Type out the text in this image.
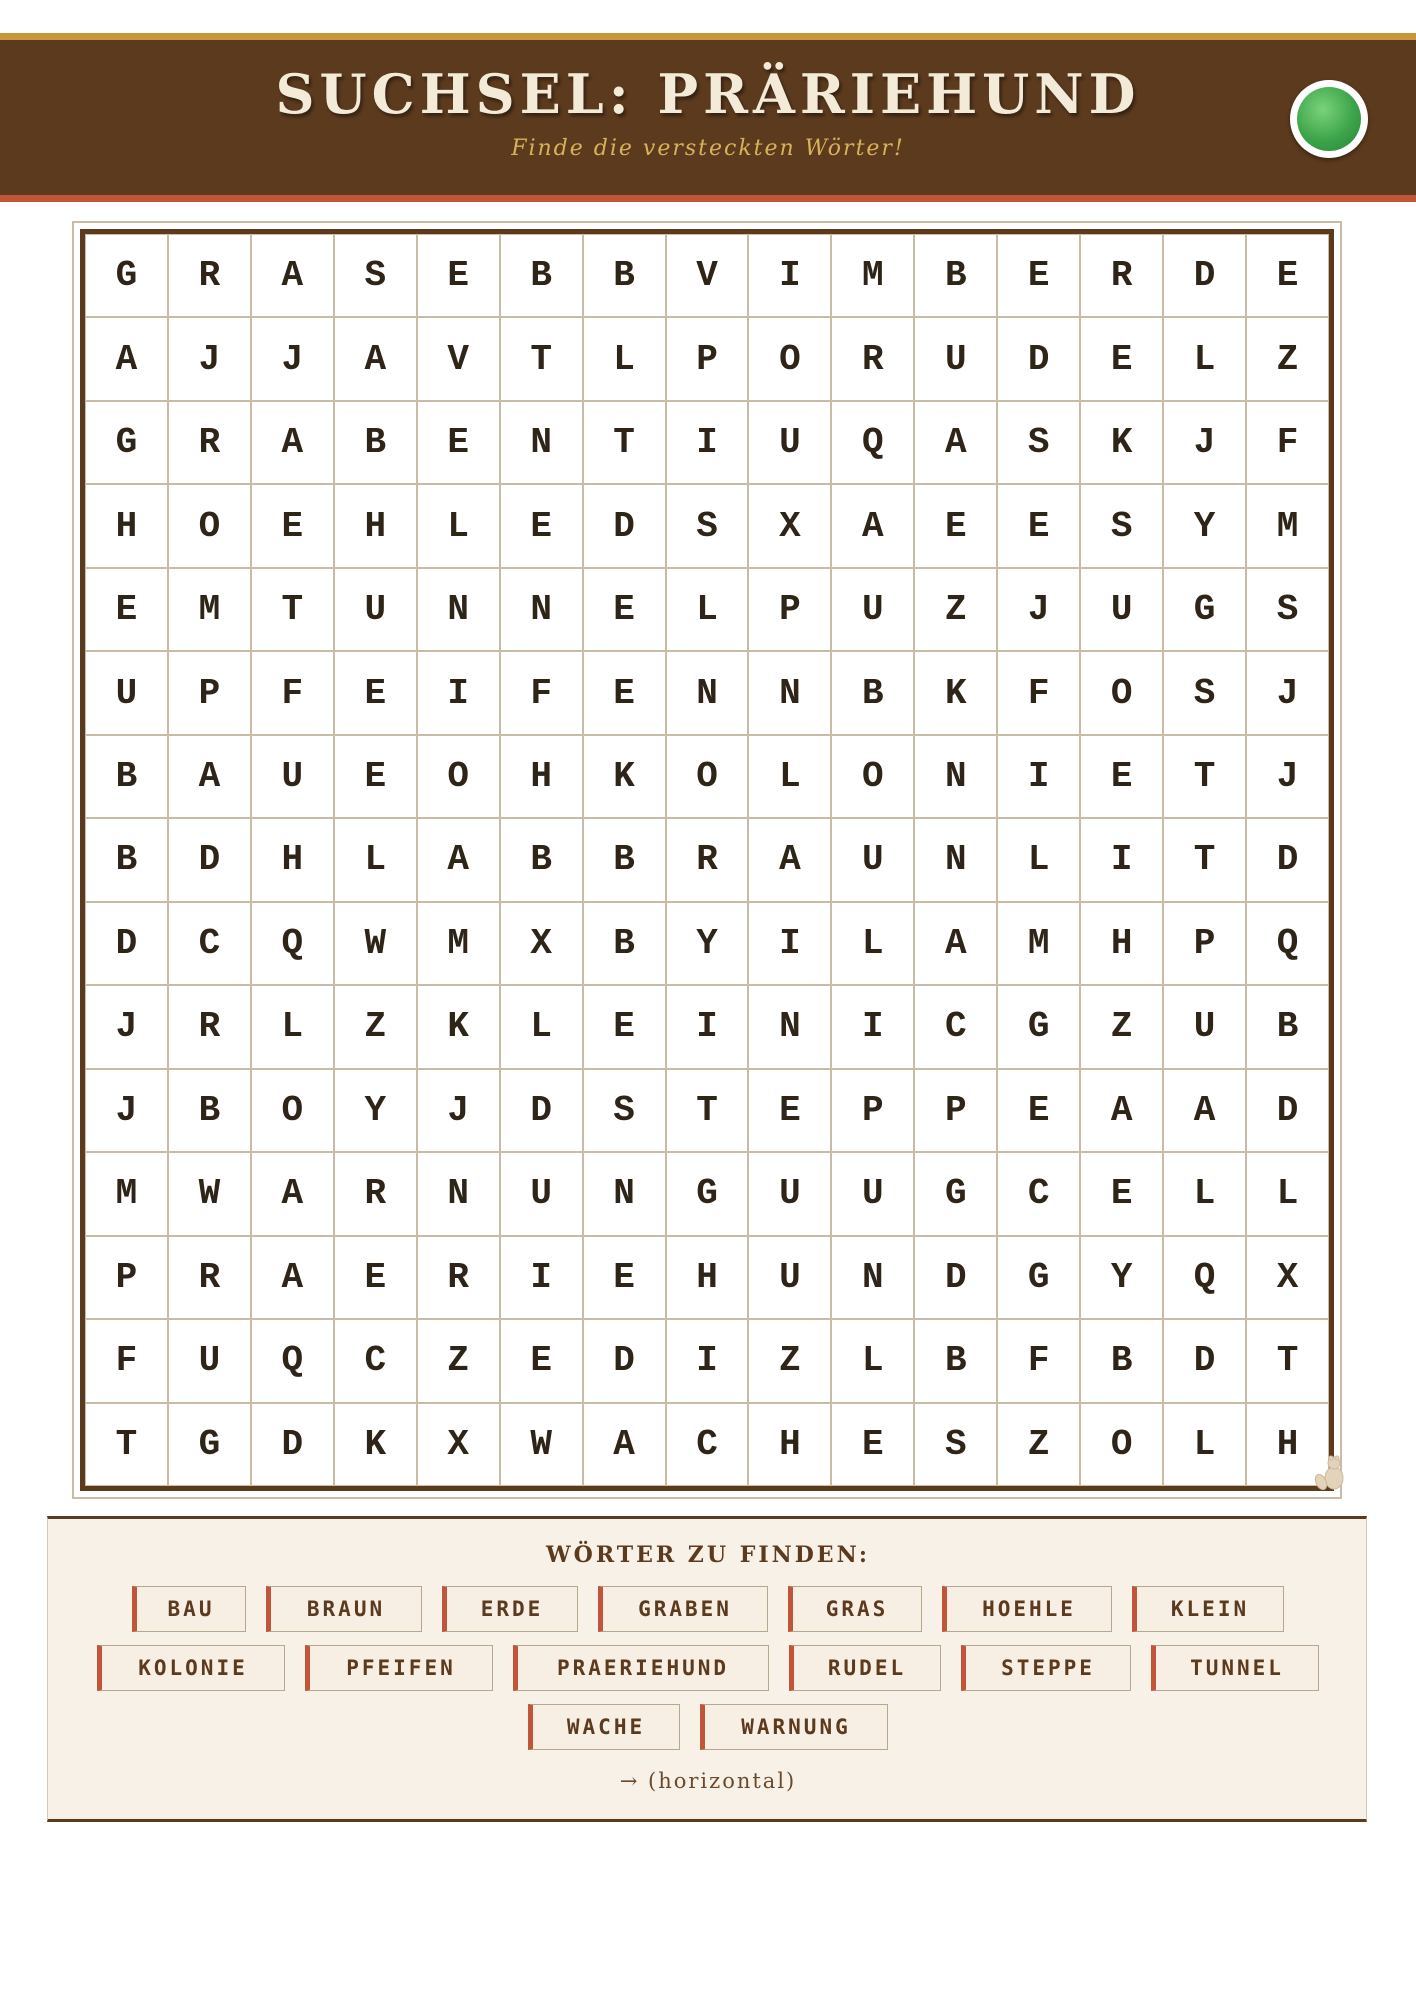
SUCHSEL: PRÄRIEHUND
Finde die versteckten Wörter!
G	R	A	S	E	B	B	V	I	M	B	E	R	D	E
A	J	J	A	V	T	L	P	O	R	U	D	E	L	Z
G	R	A	B	E	N	T	I	U	Q	A	S	K	J	F
H	O	E	H	L	E	D	S	X	A	E	E	S	Y	M
E	M	T	U	N	N	E	L	P	U	Z	J	U	G	S
U	P	F	E	I	F	E	N	N	B	K	F	O	S	J
B	A	U	E	O	H	K	O	L	O	N	I	E	T	J
B	D	H	L	A	B	B	R	A	U	N	L	I	T	D
D	C	Q	W	M	X	B	Y	I	L	A	M	H	P	Q
J	R	L	Z	K	L	E	I	N	I	C	G	Z	U	B
J	B	O	Y	J	D	S	T	E	P	P	E	A	A	D
M	W	A	R	N	U	N	G	U	U	G	C	E	L	L
P	R	A	E	R	I	E	H	U	N	D	G	Y	Q	X
F	U	Q	C	Z	E	D	I	Z	L	B	F	B	D	T
T	G	D	K	X	W	A	C	H	E	S	Z	O	L	H
WÖRTER ZU FINDEN:
BAU	BRAUN	ERDE	GRABEN	GRAS	HOEHLE	KLEIN
KOLONIE	PFEIFEN	PRAERIEHUND	RUDEL	STEPPE	TUNNEL
WACHE	WARNUNG
→ (horizontal)
